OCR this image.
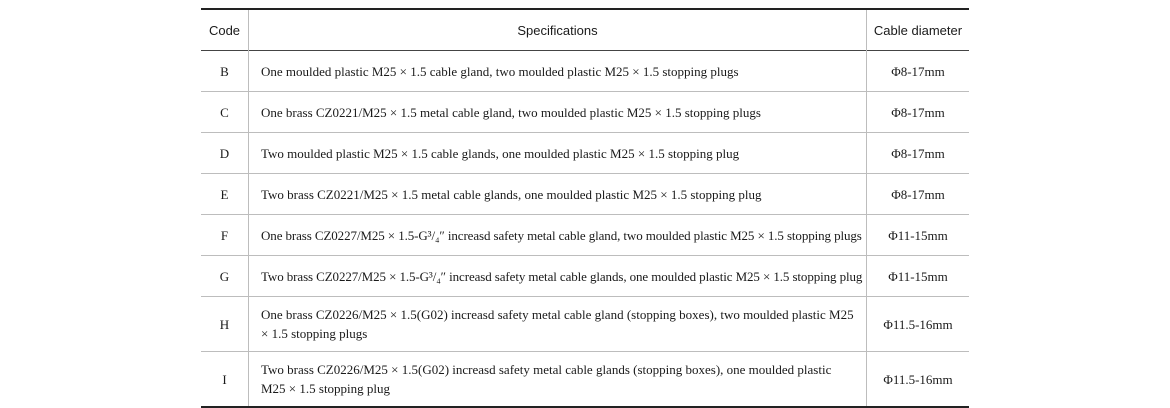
Code	Specifications	Cable diameter
B	One moulded plastic M25 × 1.5 cable gland, two moulded plastic M25 × 1.5 stopping plugs	Φ8-17mm
C	One brass CZ0221/M25 × 1.5 metal cable gland, two moulded plastic M25 × 1.5 stopping plugs	Φ8-17mm
D	Two moulded plastic M25 × 1.5 cable glands, one moulded plastic M25 × 1.5 stopping plug	Φ8-17mm
E	Two brass CZ0221/M25 × 1.5 metal cable glands, one moulded plastic M25 × 1.5 stopping plug	Φ8-17mm
F	One brass CZ0227/M25 × 1.5-G³/₄″ increasd safety metal cable gland, two moulded plastic M25 × 1.5 stopping plugs	Φ11-15mm
G	Two brass CZ0227/M25 × 1.5-G³/₄″ increasd safety metal cable glands, one moulded plastic M25 × 1.5 stopping plug	Φ11-15mm
H	One brass CZ0226/M25 × 1.5(G02) increasd safety metal cable gland (stopping boxes), two moulded plastic M25 × 1.5 stopping plugs	Φ11.5-16mm
I	Two brass CZ0226/M25 × 1.5(G02) increasd safety metal cable glands (stopping boxes), one moulded plastic M25 × 1.5 stopping plug	Φ11.5-16mm
